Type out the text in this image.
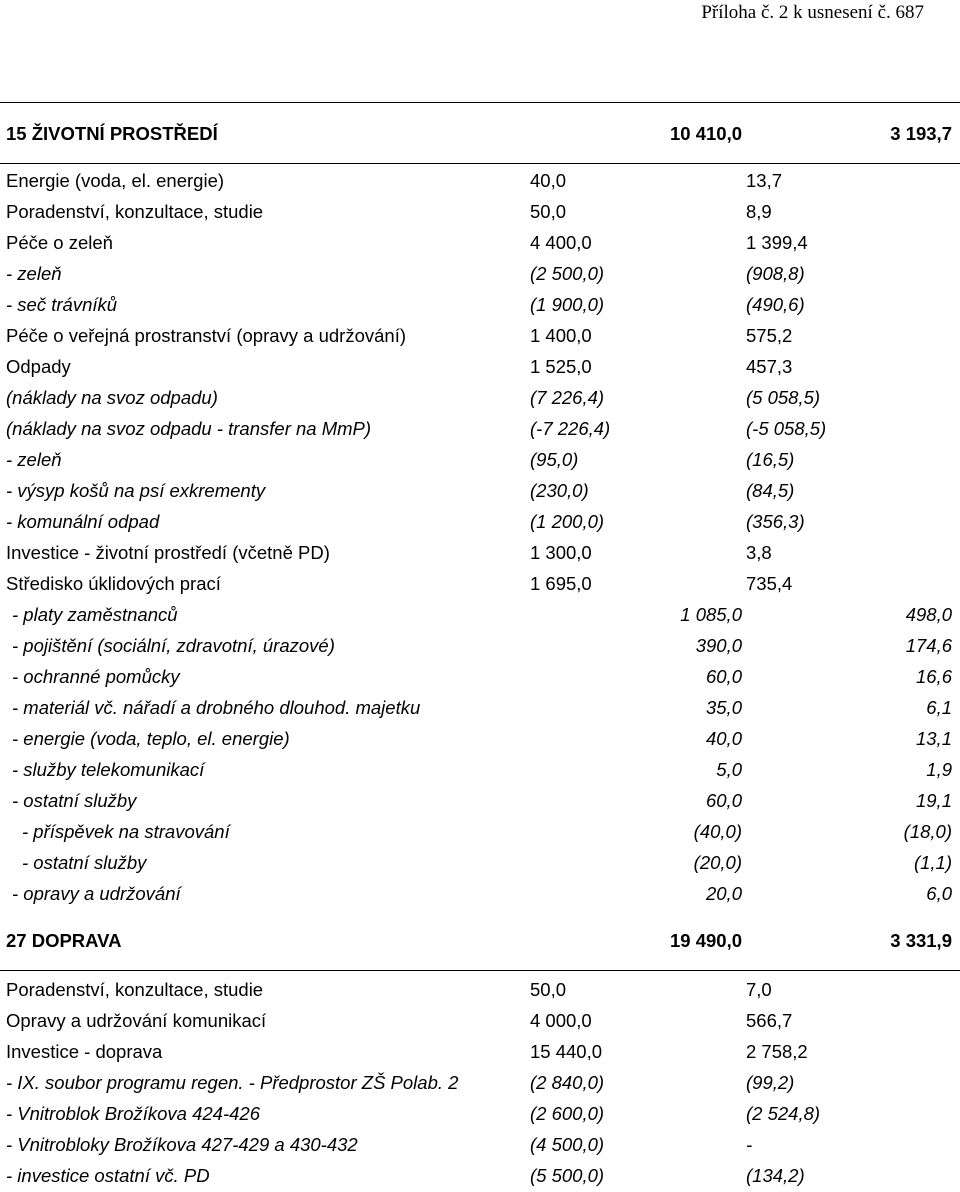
Příloha č. 2 k usnesení č. 687
15 ŽIVOTNÍ PROSTŘEDÍ	10 410,0	3 193,7
Energie (voda, el. energie)	40,0	13,7
Poradenství, konzultace, studie	50,0	8,9
Péče o zeleň	4 400,0	1 399,4
- zeleň	(2 500,0)	(908,8)
- seč trávníků	(1 900,0)	(490,6)
Péče o veřejná prostranství (opravy a udržování)	1 400,0	575,2
Odpady	1 525,0	457,3
(náklady na svoz odpadu)	(7 226,4)	(5 058,5)
(náklady na svoz odpadu - transfer na MmP)	(-7 226,4)	(-5 058,5)
- zeleň	(95,0)	(16,5)
- výsyp košů na psí exkrementy	(230,0)	(84,5)
- komunální odpad	(1 200,0)	(356,3)
Investice - životní prostředí (včetně PD)	1 300,0	3,8
Středisko úklidových prací	1 695,0	735,4
- platy zaměstnanců	1 085,0	498,0
- pojištění (sociální, zdravotní, úrazové)	390,0	174,6
- ochranné pomůcky	60,0	16,6
- materiál vč. nářadí a drobného dlouhod. majetku	35,0	6,1
- energie (voda, teplo, el. energie)	40,0	13,1
- služby telekomunikací	5,0	1,9
- ostatní služby	60,0	19,1
- příspěvek na stravování	(40,0)	(18,0)
- ostatní služby	(20,0)	(1,1)
- opravy a udržování	20,0	6,0
27 DOPRAVA	19 490,0	3 331,9
Poradenství, konzultace, studie	50,0	7,0
Opravy a udržování komunikací	4 000,0	566,7
Investice - doprava	15 440,0	2 758,2
- IX. soubor programu regen. - Předprostor ZŠ Polab. 2	(2 840,0)	(99,2)
- Vnitroblok Brožíkova 424-426	(2 600,0)	(2 524,8)
- Vnitrobloky Brožíkova 427-429 a 430-432	(4 500,0)	-
- investice ostatní vč. PD	(5 500,0)	(134,2)
